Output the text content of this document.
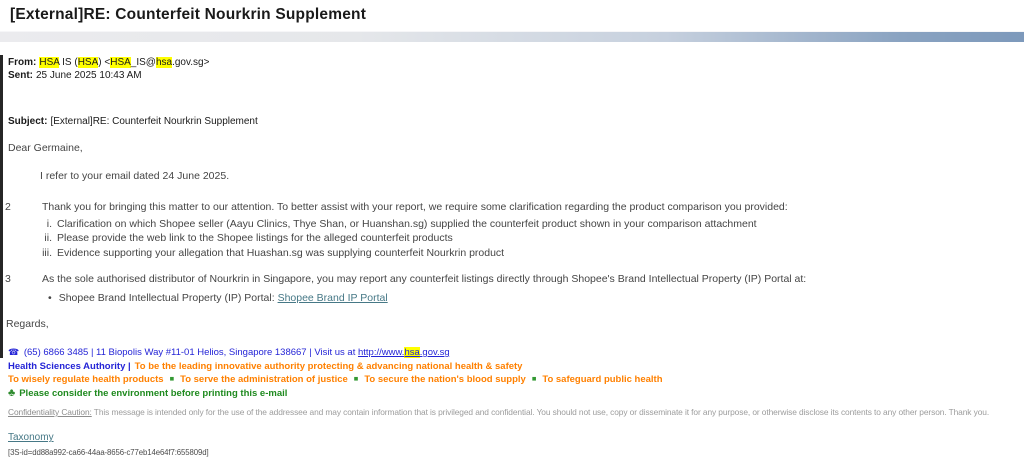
[External]RE: Counterfeit Nourkrin Supplement
From: HSA IS (HSA) <HSA_IS@hsa.gov.sg>
Sent: 25 June 2025 10:43 AM
Subject: [External]RE: Counterfeit Nourkrin Supplement
Dear Germaine,
I refer to your email dated 24 June 2025.
2	Thank you for bringing this matter to our attention. To better assist with your report, we require some clarification regarding the product comparison you provided:
i. Clarification on which Shopee seller (Aayu Clinics, Thye Shan, or Huanshan.sg) supplied the counterfeit product shown in your comparison attachment
ii. Please provide the web link to the Shopee listings for the alleged counterfeit products
iii. Evidence supporting your allegation that Huashan.sg was supplying counterfeit Nourkrin product
3	As the sole authorised distributor of Nourkrin in Singapore, you may report any counterfeit listings directly through Shopee's Brand Intellectual Property (IP) Portal at:
• Shopee Brand Intellectual Property (IP) Portal: Shopee Brand IP Portal
Regards,
☎ (65) 6866 3485 | 11 Biopolis Way #11-01 Helios, Singapore 138667 | Visit us at http://www.hsa.gov.sg
Health Sciences Authority | To be the leading innovative authority protecting & advancing national health & safety
To wisely regulate health products ■ To serve the administration of justice ■ To secure the nation's blood supply ■ To safeguard public health
♣ Please consider the environment before printing this e-mail
Confidentiality Caution: This message is intended only for the use of the addressee and may contain information that is privileged and confidential. You should not use, copy or disseminate it for any purpose, or otherwise disclose its contents to any other person. Thank you.
Taxonomy
[3S-id=dd88a992-ca66-44aa-8656-c77eb14e64f7:655809d]
